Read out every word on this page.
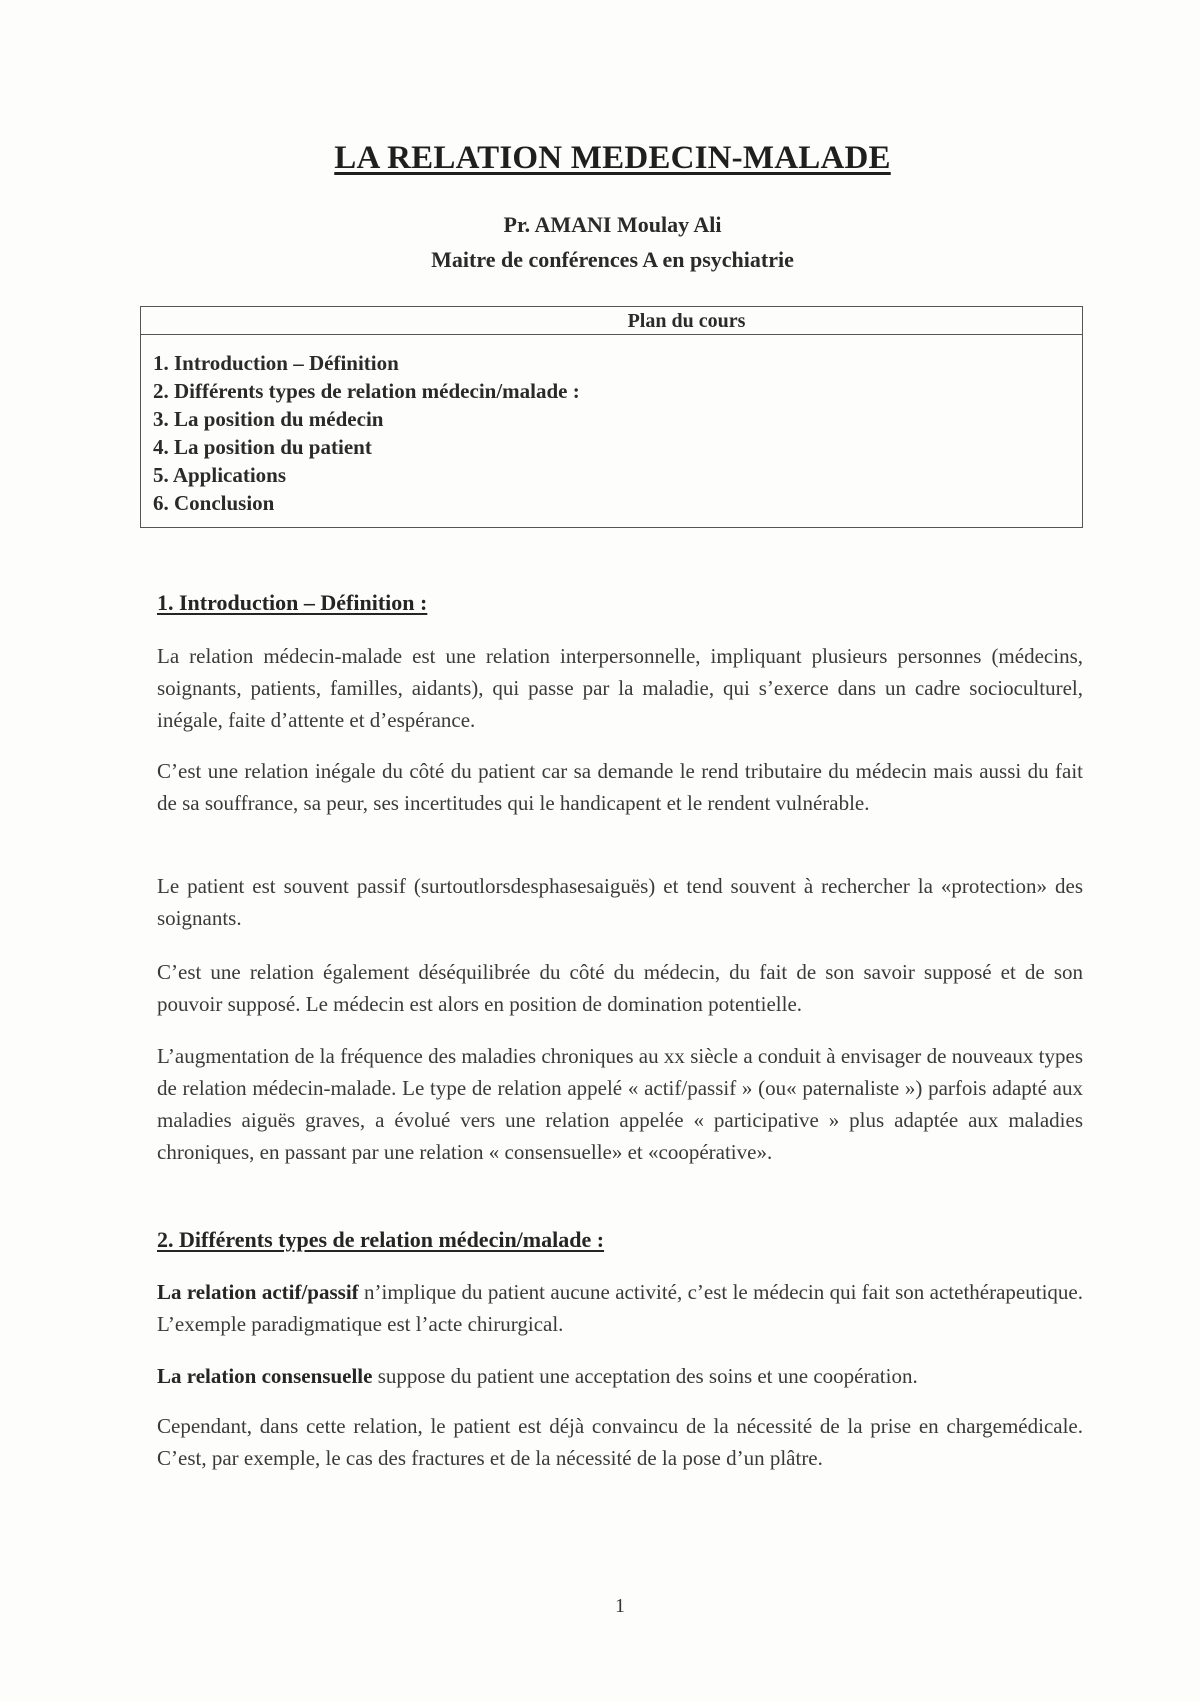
LA RELATION MEDECIN-MALADE
Pr. AMANI Moulay Ali
Maitre de conférences A en psychiatrie
Plan du cours
1. Introduction – Définition
2. Différents types de relation médecin/malade :
3. La position du médecin
4. La position du patient
5. Applications
6. Conclusion
1. Introduction – Définition :

La relation médecin-malade est une relation interpersonnelle, impliquant plusieurs personnes (médecins, soignants, patients, familles, aidants), qui passe par la maladie, qui s’exerce dans un cadre socioculturel, inégale, faite d’attente et d’espérance.

C’est une relation inégale du côté du patient car sa demande le rend tributaire du médecin mais aussi du fait de sa souffrance, sa peur, ses incertitudes qui le handicapent et le rendent vulnérable.

Le patient est souvent passif (surtoutlorsdesphasesaiguës) et tend souvent à rechercher la «protection» des soignants.

C’est une relation également déséquilibrée du côté du médecin, du fait de son savoir supposé et de son pouvoir supposé. Le médecin est alors en position de domination potentielle.

L’augmentation de la fréquence des maladies chroniques au xx siècle a conduit à envisager de nouveaux types de relation médecin-malade. Le type de relation appelé « actif/passif » (ou« paternaliste ») parfois adapté aux maladies aiguës graves, a évolué vers une relation appelée « participative » plus adaptée aux maladies chroniques, en passant par une relation « consensuelle» et «coopérative».

2. Différents types de relation médecin/malade :

La relation actif/passif n’implique du patient aucune activité, c’est le médecin qui fait son actethérapeutique. L’exemple paradigmatique est l’acte chirurgical.

La relation consensuelle suppose du patient une acceptation des soins et une coopération.

Cependant, dans cette relation, le patient est déjà convaincu de la nécessité de la prise en chargemédicale. C’est, par exemple, le cas des fractures et de la nécessité de la pose d’un plâtre.

1
